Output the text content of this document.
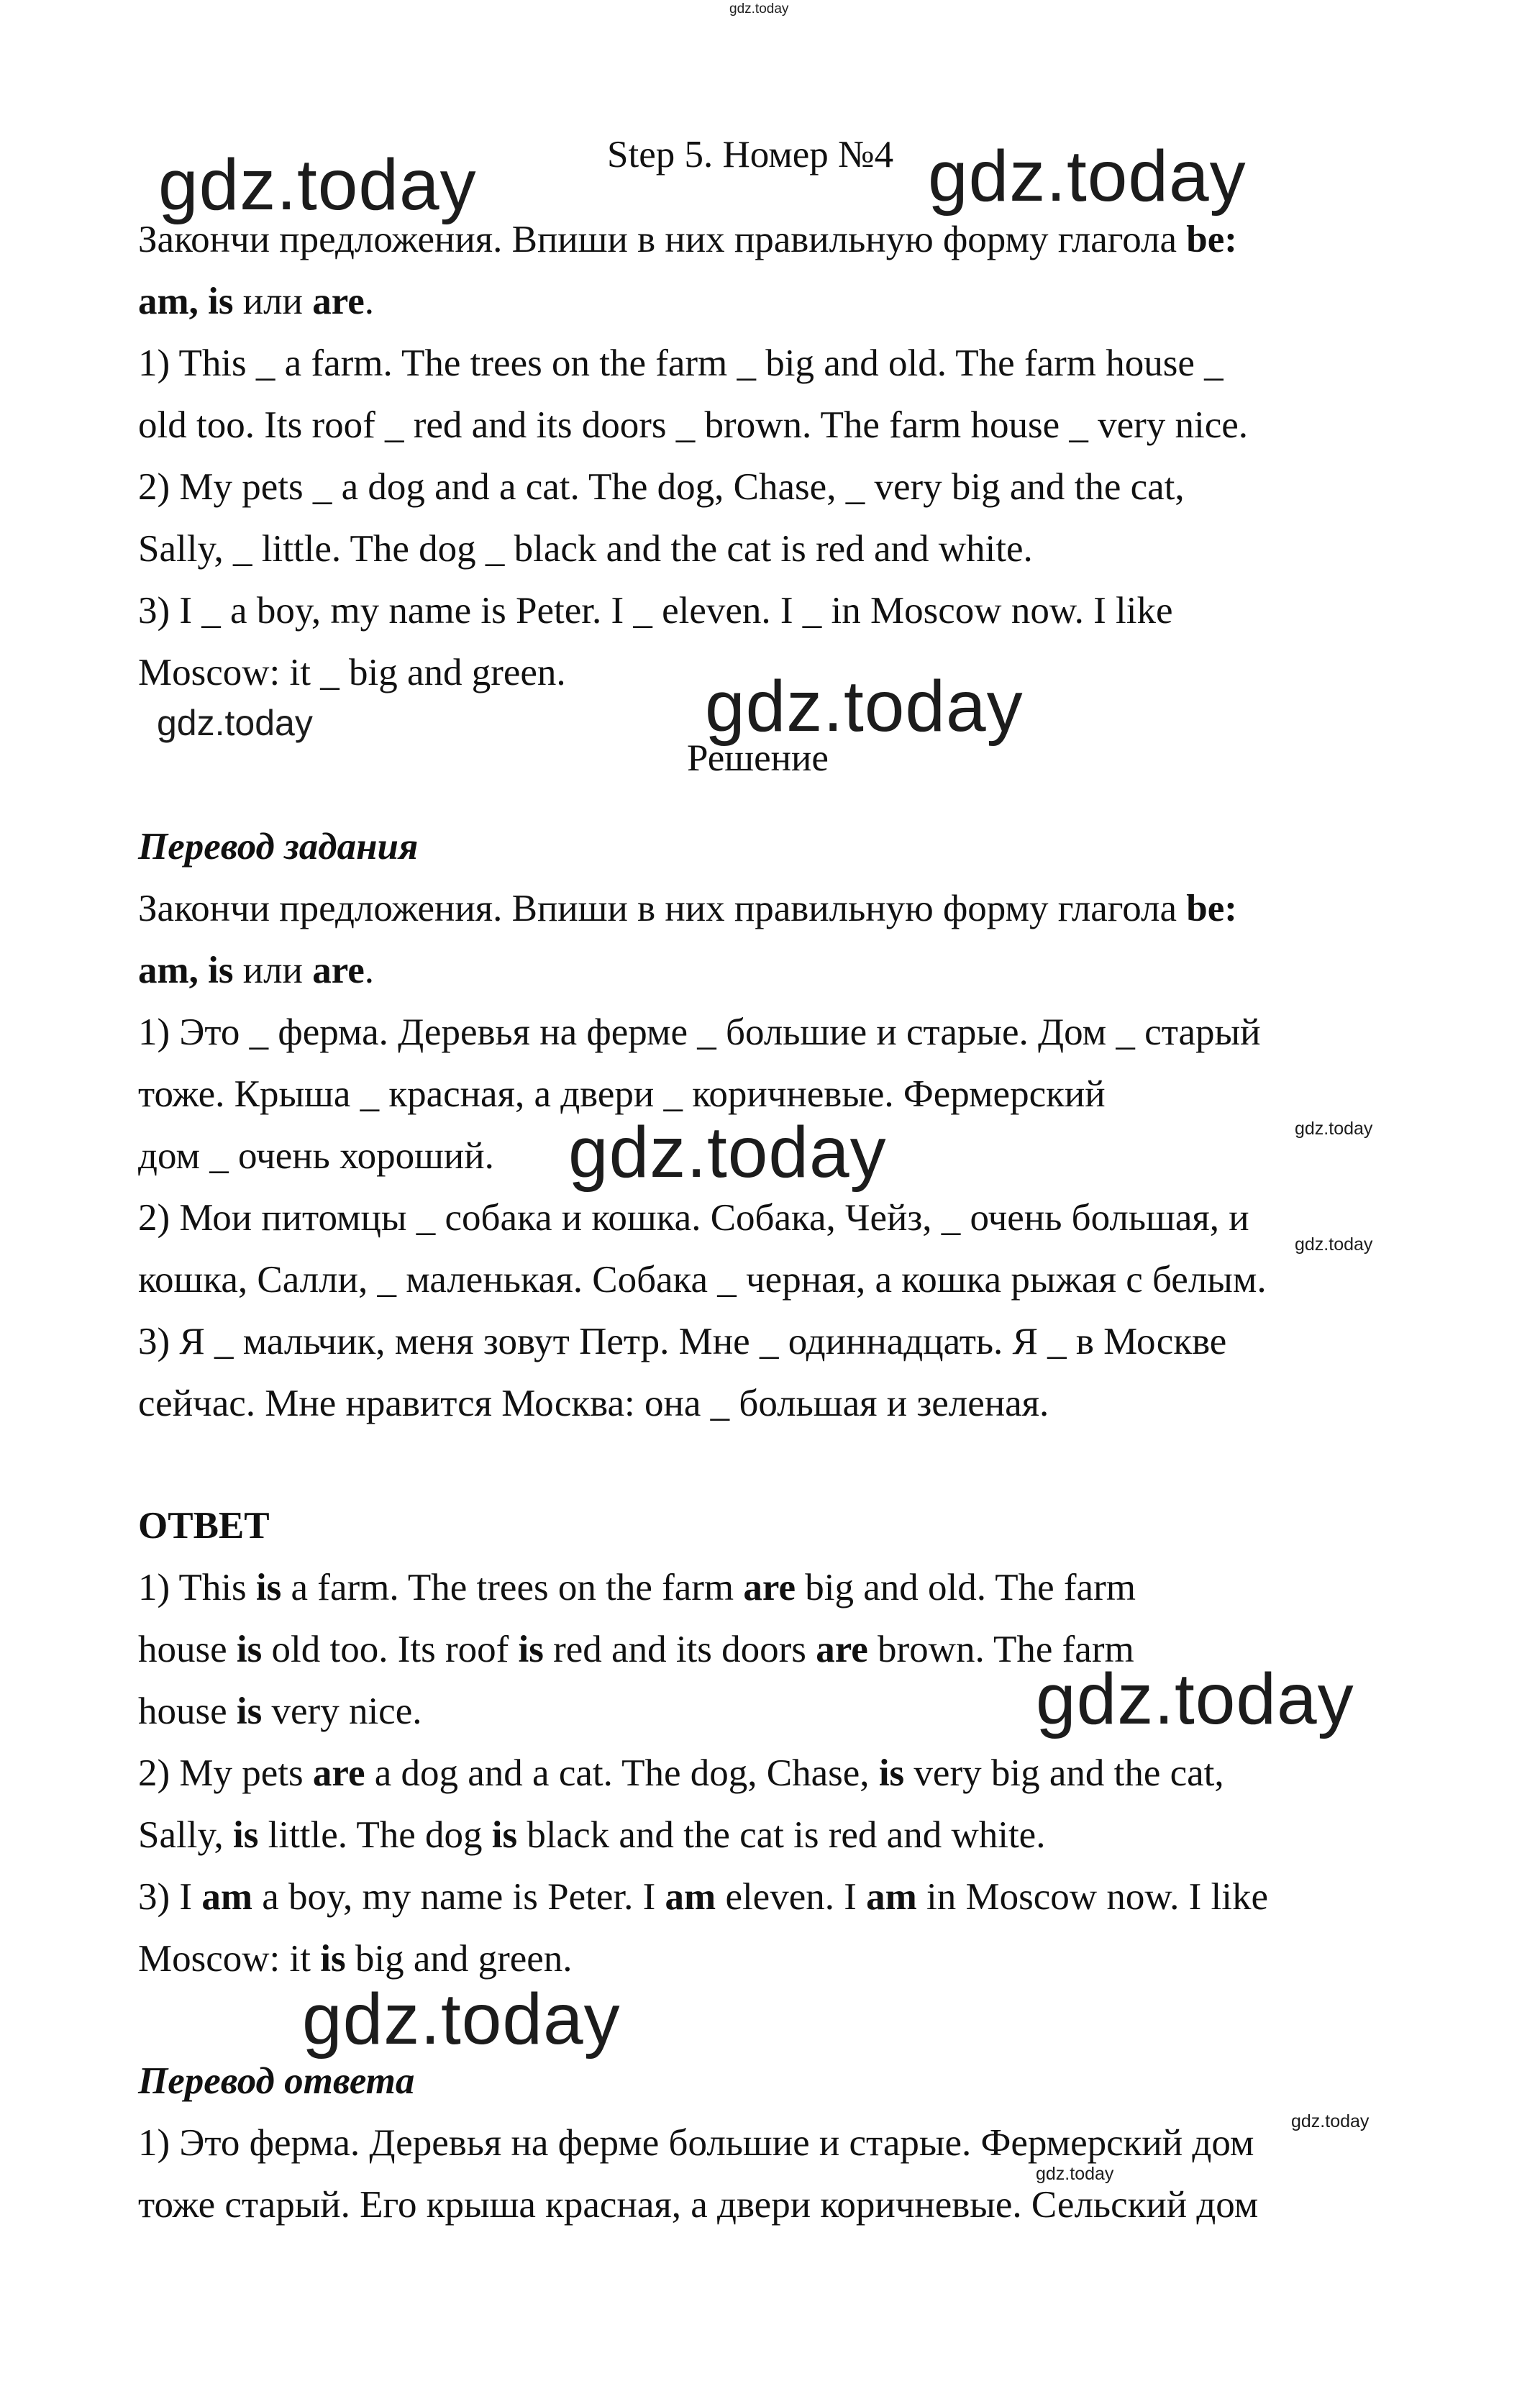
gdz.today
Step 5. Номер №4
gdz.today	gdz.today
Закончи предложения. Впиши в них правильную форму глагола be:
am, is или are.
1) This _ a farm. The trees on the farm _ big and old. The farm house _
old too. Its roof _ red and its doors _ brown. The farm house _ very nice.
2) My pets _ a dog and a cat. The dog, Chase, _ very big and the cat,
Sally, _ little. The dog _ black and the cat is red and white.
3) I _ a boy, my name is Peter. I _ eleven. I _ in Moscow now. I like
Moscow: it _ big and green.
gdz.today	gdz.today
Решение
Перевод задания
Закончи предложения. Впиши в них правильную форму глагола be:
am, is или are.
1) Это _ ферма. Деревья на ферме _ большие и старые. Дом _ старый
тоже. Крыша _ красная, а двери _ коричневые. Фермерский
дом _ очень хороший.
2) Мои питомцы _ собака и кошка. Собака, Чейз, _ очень большая, и
кошка, Салли, _ маленькая. Собака _ черная, а кошка рыжая с белым.
3) Я _ мальчик, меня зовут Петр. Мне _ одиннадцать. Я _ в Москве
сейчас. Мне нравится Москва: она _ большая и зеленая.
gdz.today
gdz.today
gdz.today
ОТВЕТ
1) This is a farm. The trees on the farm are big and old. The farm
house is old too. Its roof is red and its doors are brown. The farm
house is very nice.
2) My pets are a dog and a cat. The dog, Chase, is very big and the cat,
Sally, is little. The dog is black and the cat is red and white.
3) I am a boy, my name is Peter. I am eleven. I am in Moscow now. I like
Moscow: it is big and green.
gdz.today
gdz.today
Перевод ответа
1) Это ферма. Деревья на ферме большие и старые. Фермерский дом
тоже старый. Его крыша красная, а двери коричневые. Сельский дом
gdz.today
gdz.today
